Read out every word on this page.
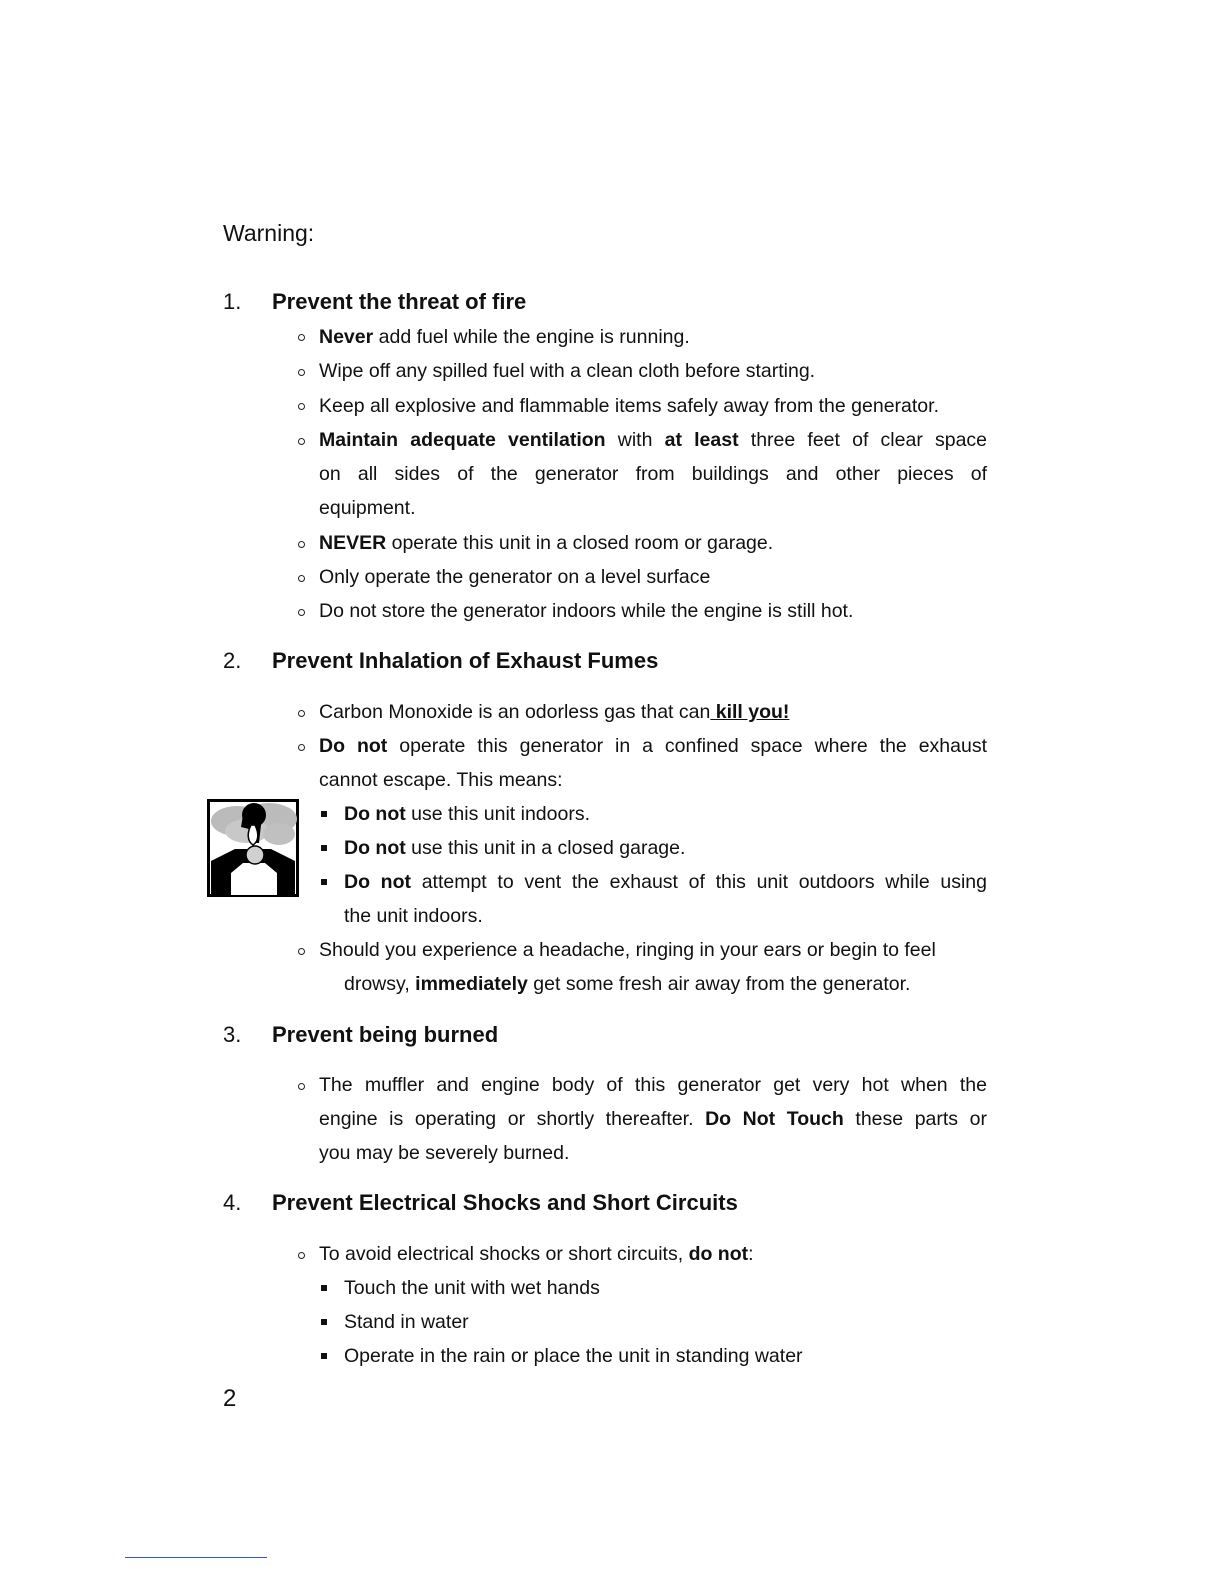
Warning:
1. Prevent the threat of fire
Never add fuel while the engine is running.
Wipe off any spilled fuel with a clean cloth before starting.
Keep all explosive and flammable items safely away from the generator.
Maintain adequate ventilation with at least three feet of clear space
on all sides of the generator from buildings and other pieces of
equipment.
NEVER operate this unit in a closed room or garage.
Only operate the generator on a level surface
Do not store the generator indoors while the engine is still hot.
2. Prevent Inhalation of Exhaust Fumes
Carbon Monoxide is an odorless gas that can kill you!
Do not operate this generator in a confined space where the exhaust
cannot escape. This means:
Do not use this unit indoors.
Do not use this unit in a closed garage.
Do not attempt to vent the exhaust of this unit outdoors while using
the unit indoors.
Should you experience a headache, ringing in your ears or begin to feel
drowsy, immediately get some fresh air away from the generator.
3. Prevent being burned
The muffler and engine body of this generator get very hot when the
engine is operating or shortly thereafter. Do Not Touch these parts or
you may be severely burned.
4. Prevent Electrical Shocks and Short Circuits
To avoid electrical shocks or short circuits, do not:
Touch the unit with wet hands
Stand in water
Operate in the rain or place the unit in standing water
2
